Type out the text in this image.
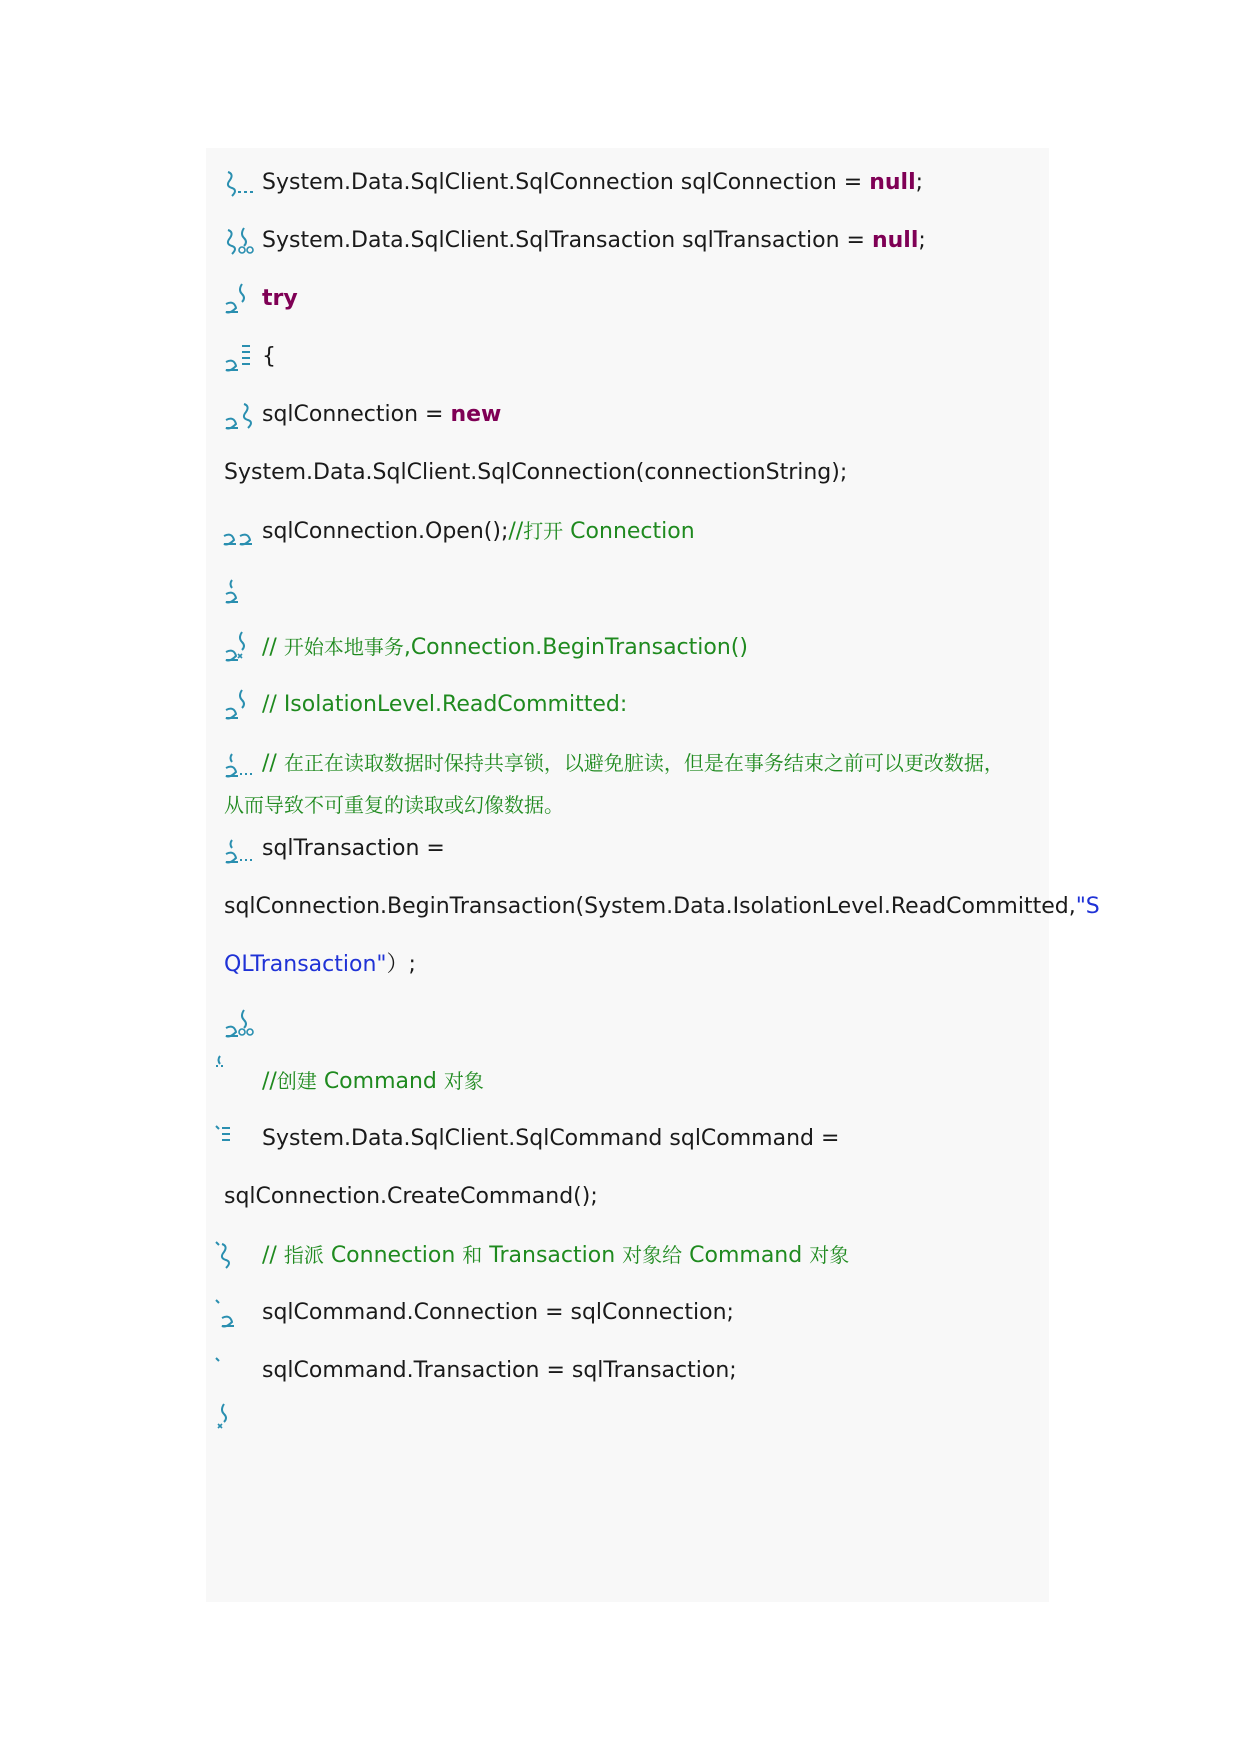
System.Data.SqlClient.SqlConnection sqlConnection = null;
System.Data.SqlClient.SqlTransaction sqlTransaction = null;
try
{
sqlConnection = new
System.Data.SqlClient.SqlConnection(connectionString);
sqlConnection.Open();//打开 Connection
// 开始本地事务,Connection.BeginTransaction()
// IsolationLevel.ReadCommitted:
// 在正在读取数据时保持共享锁，以避免脏读，但是在事务结束之前可以更改数据，
从而导致不可重复的读取或幻像数据。
sqlTransaction =
sqlConnection.BeginTransaction(System.Data.IsolationLevel.ReadCommitted,"S
QLTransaction"）;
//创建 Command 对象
System.Data.SqlClient.SqlCommand sqlCommand =
sqlConnection.CreateCommand();
// 指派 Connection 和 Transaction 对象给 Command 对象
sqlCommand.Connection = sqlConnection;
sqlCommand.Transaction = sqlTransaction;
